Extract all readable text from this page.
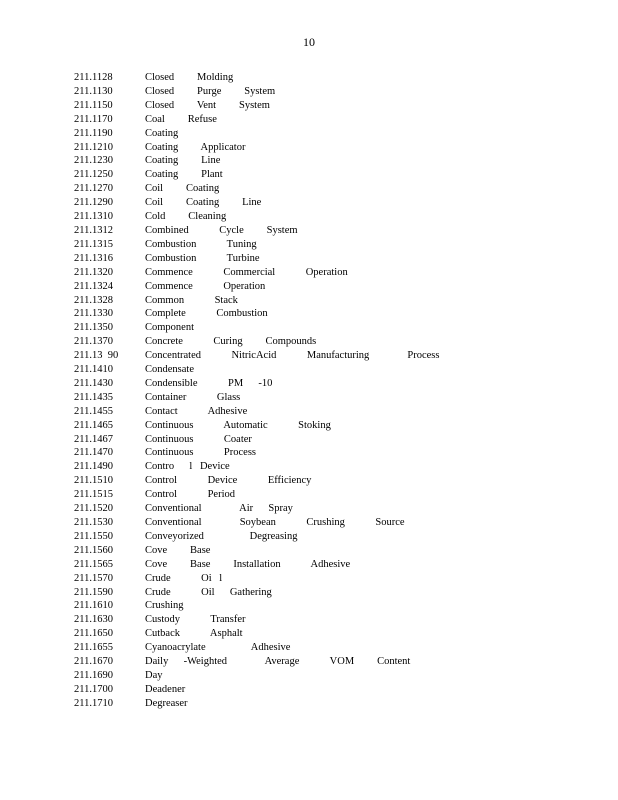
10
211.1128	Closed   Molding
211.1130	Closed   Purge   System
211.1150	Closed   Vent   System
211.1170	Coal   Refuse
211.1190	Coating
211.1210	Coating   Applicator
211.1230	Coating   Line
211.1250	Coating   Plant
211.1270	Coil   Coating
211.1290	Coil   Coating   Line
211.1310	Cold   Cleaning
211.1312	Combined    Cycle   System
211.1315	Combustion    Tuning
211.1316	Combustion    Turbine
211.1320	Commence    Commercial    Operation
211.1324	Commence    Operation
211.1328	Common    Stack
211.1330	Complete    Combustion
211.1350	Component
211.1370	Concrete    Curing   Compounds
211.13  90	Concentrated    NitricAcid    Manufacturing     Process
211.1410	Condensate
211.1430	Condensible    PM  -10
211.1435	Container    Glass
211.1455	Contact    Adhesive
211.1465	Continuous    Automatic    Stoking
211.1467	Continuous    Coater
211.1470	Continuous    Process
211.1490	Contro  l Device
211.1510	Control    Device    Efficiency
211.1515	Control    Period
211.1520	Conventional     Air  Spray
211.1530	Conventional     Soybean    Crushing    Source
211.1550	Conveyorized      Degreasing
211.1560	Cove   Base
211.1565	Cove   Base   Installation    Adhesive
211.1570	Crude    Oi l
211.1590	Crude    Oil  Gathering
211.1610	Crushing
211.1630	Custody    Transfer
211.1650	Cutback    Asphalt
211.1655	Cyanoacrylate      Adhesive
211.1670	Daily  -Weighted     Average    VOM   Content
211.1690	Day
211.1700	Deadener
211.1710	Degreaser
